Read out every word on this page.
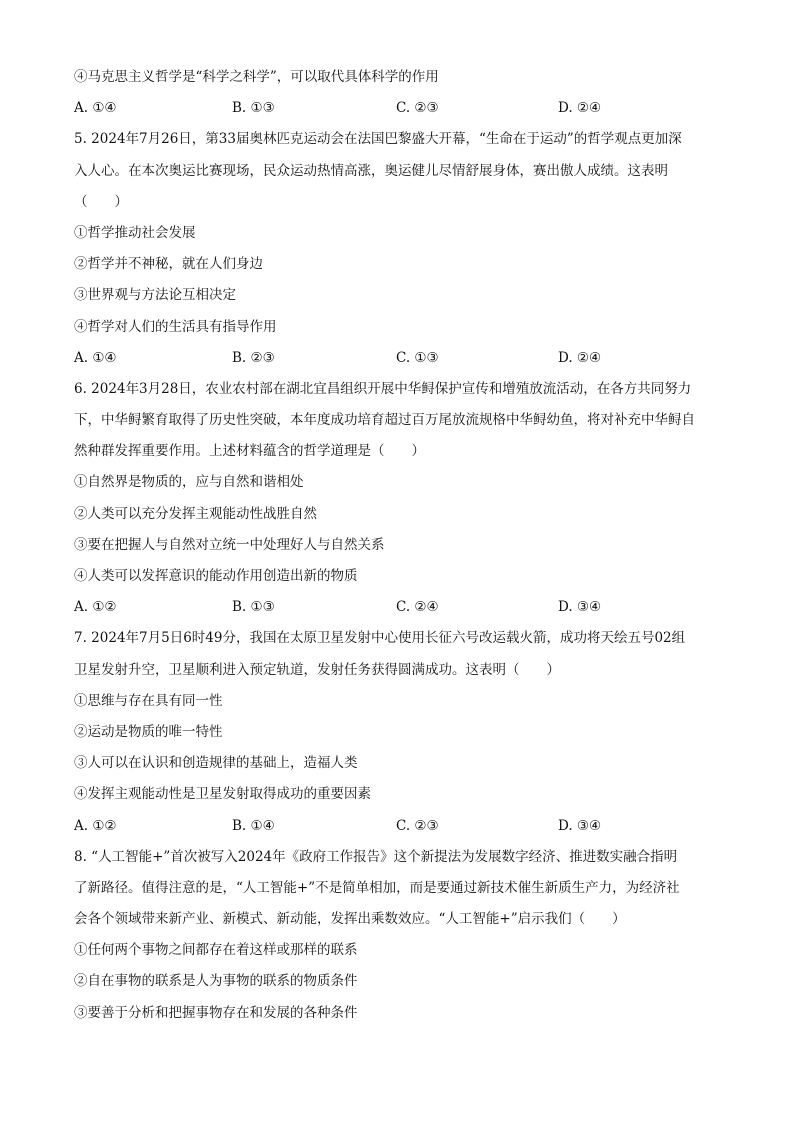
④马克思主义哲学是“科学之科学”，可以取代具体科学的作用
A. ①④	B. ①③	C. ②③	D. ②④
5. 2024年7月26日，第33届奥林匹克运动会在法国巴黎盛大开幕，“生命在于运动”的哲学观点更加深
入人心。在本次奥运比赛现场，民众运动热情高涨，奥运健儿尽情舒展身体，赛出傲人成绩。这表明
（　　）
①哲学推动社会发展
②哲学并不神秘，就在人们身边
③世界观与方法论互相决定
④哲学对人们的生活具有指导作用
A. ①④	B. ②③	C. ①③	D. ②④
6. 2024年3月28日，农业农村部在湖北宜昌组织开展中华鲟保护宣传和增殖放流活动，在各方共同努力
下，中华鲟繁育取得了历史性突破，本年度成功培育超过百万尾放流规格中华鲟幼鱼，将对补充中华鲟自
然种群发挥重要作用。上述材料蕴含的哲学道理是（　　）
①自然界是物质的，应与自然和谐相处
②人类可以充分发挥主观能动性战胜自然
③要在把握人与自然对立统一中处理好人与自然关系
④人类可以发挥意识的能动作用创造出新的物质
A. ①②	B. ①③	C. ②④	D. ③④
7. 2024年7月5日6时49分，我国在太原卫星发射中心使用长征六号改运载火箭，成功将天绘五号02组
卫星发射升空，卫星顺利进入预定轨道，发射任务获得圆满成功。这表明（　　）
①思维与存在具有同一性
②运动是物质的唯一特性
③人可以在认识和创造规律的基础上，造福人类
④发挥主观能动性是卫星发射取得成功的重要因素
A. ①②	B. ①④	C. ②③	D. ③④
8. “人工智能+”首次被写入2024年《政府工作报告》这个新提法为发展数字经济、推进数实融合指明
了新路径。值得注意的是，“人工智能+”不是简单相加，而是要通过新技术催生新质生产力，为经济社
会各个领域带来新产业、新模式、新动能，发挥出乘数效应。“人工智能+”启示我们（　　）
①任何两个事物之间都存在着这样或那样的联系
②自在事物的联系是人为事物的联系的物质条件
③要善于分析和把握事物存在和发展的各种条件
